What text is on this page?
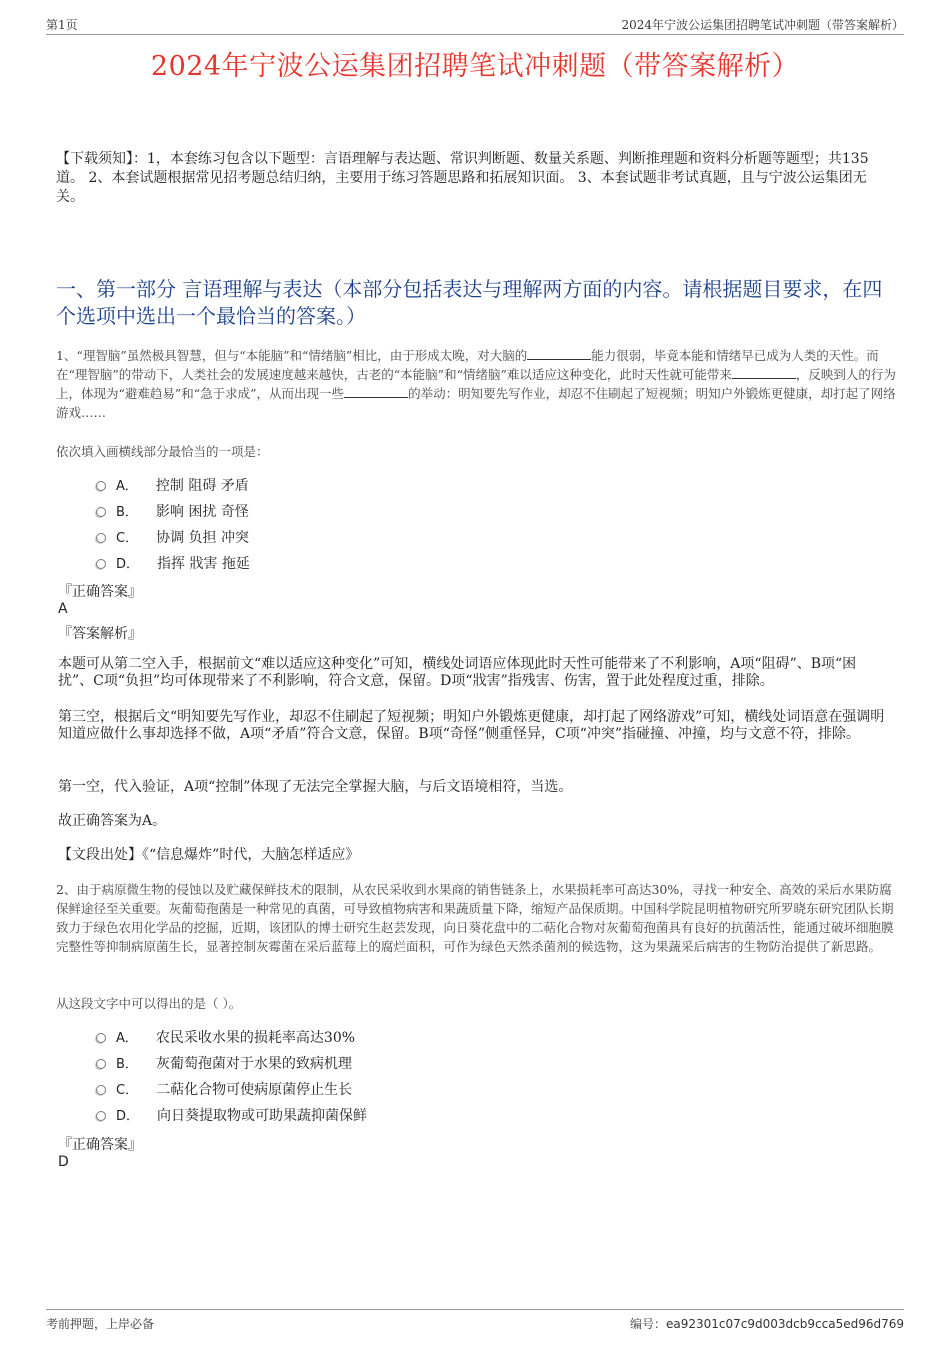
第1页	2024年宁波公运集团招聘笔试冲刺题（带答案解析）
2024年宁波公运集团招聘笔试冲刺题（带答案解析）
【下载须知】：1，本套练习包含以下题型：言语理解与表达题、常识判断题、数量关系题、判断推理题和资料分析题等题型；共135道。 2、本套试题根据常见招考题总结归纳，主要用于练习答题思路和拓展知识面。 3、本套试题非考试真题，且与宁波公运集团无关。
一、第一部分 言语理解与表达（本部分包括表达与理解两方面的内容。请根据题目要求，在四个选项中选出一个最恰当的答案。）
1、“理智脑”虽然极具智慧，但与“本能脑”和“情绪脑”相比，由于形成太晚，对大脑的	能力很弱，毕竟本能和情绪早已成为人类的天性。而在“理智脑”的带动下，人类社会的发展速度越来越快，古老的“本能脑”和“情绪脑”难以适应这种变化，此时天性就可能带来	，反映到人的行为上，体现为“避难趋易”和“急于求成”，从而出现一些	的举动：明知要先写作业，却忍不住刷起了短视频；明知户外锻炼更健康，却打起了网络游戏……
依次填入画横线部分最恰当的一项是：
A． 控制 阻碍 矛盾
B． 影响 困扰 奇怪
C． 协调 负担 冲突
D． 指挥 戕害 拖延
『正确答案』
A
『答案解析』
本题可从第二空入手，根据前文“难以适应这种变化”可知，横线处词语应体现此时天性可能带来了不利影响，A项“阻碍”、B项“困扰”、C项“负担”均可体现带来了不利影响，符合文意，保留。D项“戕害”指残害、伤害，置于此处程度过重，排除。
第三空，根据后文“明知要先写作业，却忍不住刷起了短视频；明知户外锻炼更健康，却打起了网络游戏”可知，横线处词语意在强调明知道应做什么事却选择不做，A项“矛盾”符合文意，保留。B项“奇怪”侧重怪异，C项“冲突”指碰撞、冲撞，均与文意不符，排除。
第一空，代入验证，A项“控制”体现了无法完全掌握大脑，与后文语境相符，当选。
故正确答案为A。
【文段出处】《“信息爆炸”时代，大脑怎样适应》
2、由于病原微生物的侵蚀以及贮藏保鲜技术的限制，从农民采收到水果商的销售链条上，水果损耗率可高达30%，寻找一种安全、高效的采后水果防腐保鲜途径至关重要。灰葡萄孢菌是一种常见的真菌，可导致植物病害和果蔬质量下降，缩短产品保质期。中国科学院昆明植物研究所罗晓东研究团队长期致力于绿色农用化学品的挖掘，近期，该团队的博士研究生赵芸发现，向日葵花盘中的二萜化合物对灰葡萄孢菌具有良好的抗菌活性，能通过破坏细胞膜完整性等抑制病原菌生长，显著控制灰霉菌在采后蓝莓上的腐烂面积，可作为绿色天然杀菌剂的候选物，这为果蔬采后病害的生物防治提供了新思路。
从这段文字中可以得出的是（ ）。
A． 农民采收水果的损耗率高达30%
B． 灰葡萄孢菌对于水果的致病机理
C． 二萜化合物可使病原菌停止生长
D． 向日葵提取物或可助果蔬抑菌保鲜
『正确答案』
D
考前押题，上岸必备	编号：ea92301c07c9d003dcb9cca5ed96d769
